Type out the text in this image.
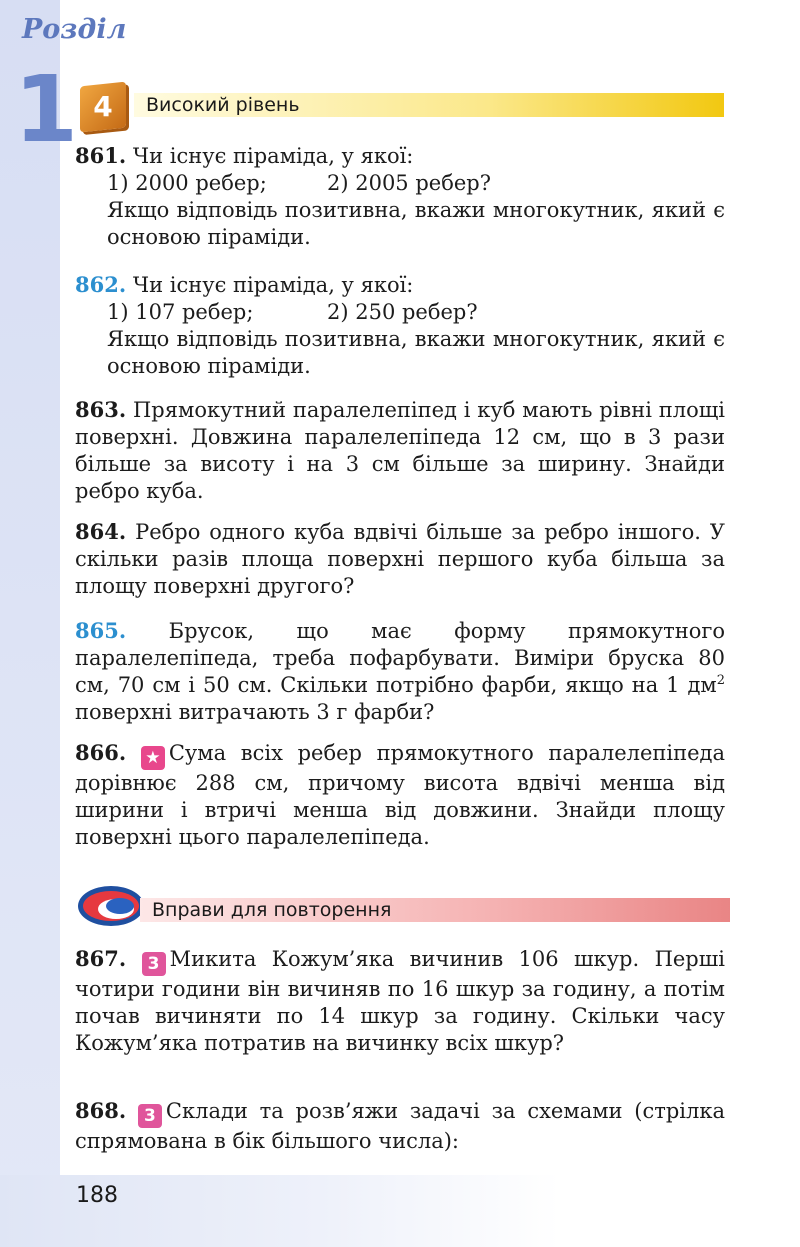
Розділ
1 4	Високий рівень

861. Чи існує піраміда, у якої:

1) 2000 ребер;	2) 2005 ребер?

Якщо відповідь позитивна, вкажи многокутник, який є основою піраміди.

862. Чи існує піраміда, у якої:

1) 107 ребер;	2) 250 ребер?

Якщо відповідь позитивна, вкажи многокутник, який є основою піраміди.

863. Прямокутний паралелепіпед і куб мають рівні площі поверхні. Довжина паралелепіпеда 12 см, що в 3 рази більше за висоту і на 3 см більше за ширину. Знайди ребро куба.

864. Ребро одного куба вдвічі більше за ребро іншого. У скільки разів площа поверхні першого куба більша за площу поверхні другого?

865. Брусок, що має форму прямокутного паралелепіпеда, треба пофарбувати. Виміри бруска 80 см, 70 см і 50 см. Скільки потрібно фарби, якщо на 1 $дм^2$ поверхні витрачають 3 г фарби?

866. ★ Сума всіх ребер прямокутного паралелепіпеда дорівнює 288 см, причому висота вдвічі менша від ширини і втричі менша від довжини. Знайди площу поверхні цього паралелепіпеда.

Вправи для повторення

867. 3 Микита Кожум’яка вичинив 106 шкур. Перші чотири години він вичиняв по 16 шкур за годину, а потім почав вичиняти по 14 шкур за годину. Скільки часу Кожум’яка потратив на вичинку всіх шкур?

868. 3 Склади та розв’яжи задачі за схемами (стрілка спрямована в бік більшого числа):

188
